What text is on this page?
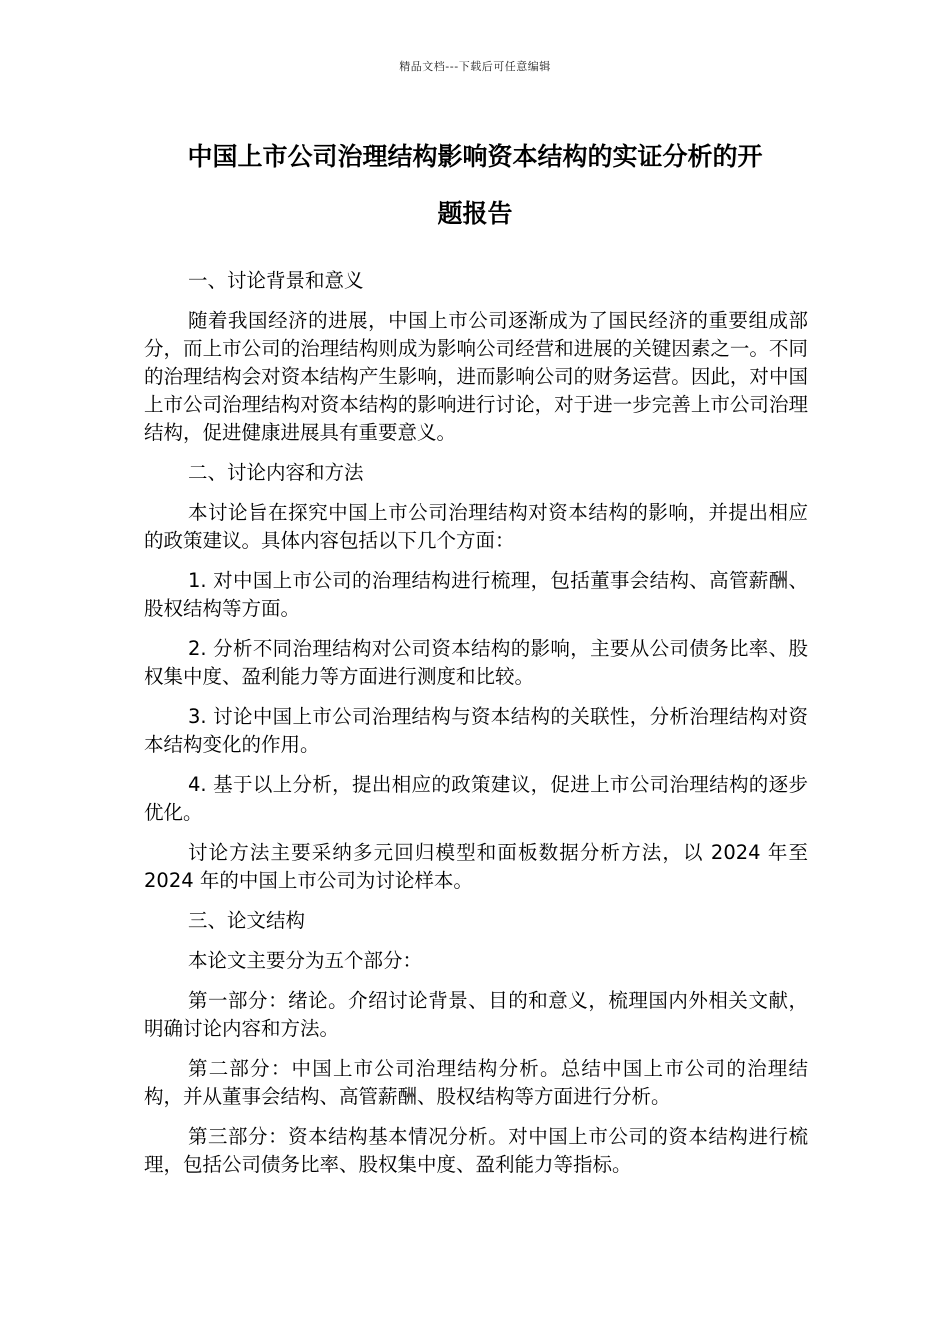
精品文档---下载后可任意编辑
中国上市公司治理结构影响资本结构的实证分析的开
题报告

一、讨论背景和意义

随着我国经济的进展，中国上市公司逐渐成为了国民经济的重要组成部分，而上市公司的治理结构则成为影响公司经营和进展的关键因素之一。不同的治理结构会对资本结构产生影响，进而影响公司的财务运营。因此，对中国上市公司治理结构对资本结构的影响进行讨论，对于进一步完善上市公司治理结构，促进健康进展具有重要意义。

二、讨论内容和方法

本讨论旨在探究中国上市公司治理结构对资本结构的影响，并提出相应的政策建议。具体内容包括以下几个方面：

1. 对中国上市公司的治理结构进行梳理，包括董事会结构、高管薪酬、股权结构等方面。

2. 分析不同治理结构对公司资本结构的影响，主要从公司债务比率、股权集中度、盈利能力等方面进行测度和比较。

3. 讨论中国上市公司治理结构与资本结构的关联性，分析治理结构对资本结构变化的作用。

4. 基于以上分析，提出相应的政策建议，促进上市公司治理结构的逐步优化。

讨论方法主要采纳多元回归模型和面板数据分析方法，以 2024 年至 2024 年的中国上市公司为讨论样本。

三、论文结构

本论文主要分为五个部分：

第一部分：绪论。介绍讨论背景、目的和意义，梳理国内外相关文献，明确讨论内容和方法。

第二部分：中国上市公司治理结构分析。总结中国上市公司的治理结构，并从董事会结构、高管薪酬、股权结构等方面进行分析。

第三部分：资本结构基本情况分析。对中国上市公司的资本结构进行梳理，包括公司债务比率、股权集中度、盈利能力等指标。
